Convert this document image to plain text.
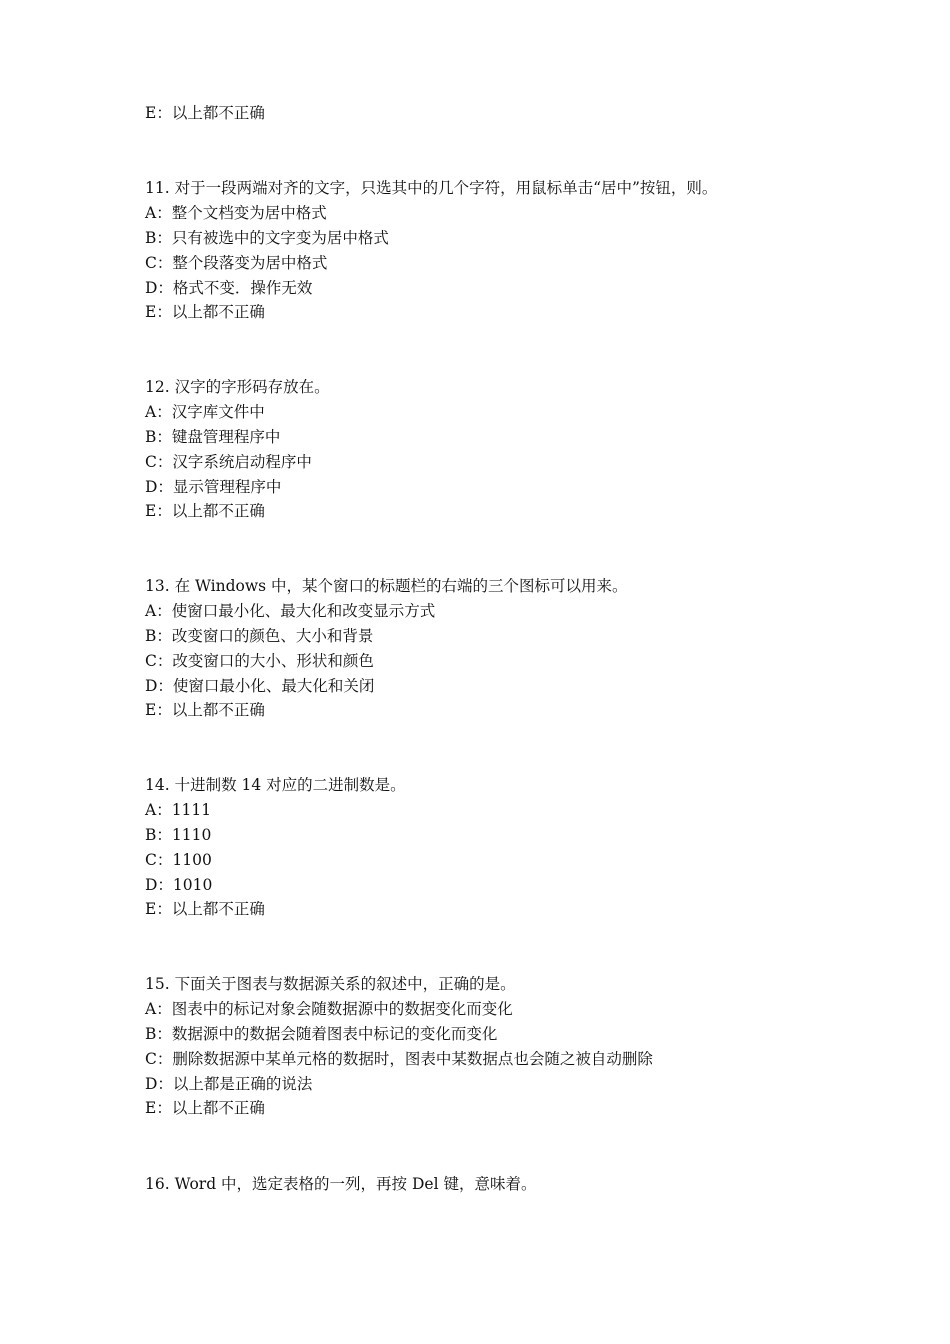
E：以上都不正确
11. 对于一段两端对齐的文字，只选其中的几个字符，用鼠标单击“居中”按钮，则。
A：整个文档变为居中格式
B：只有被选中的文字变为居中格式
C：整个段落变为居中格式
D：格式不变．操作无效
E：以上都不正确
12. 汉字的字形码存放在。
A：汉字库文件中
B：键盘管理程序中
C：汉字系统启动程序中
D：显示管理程序中
E：以上都不正确
13. 在 Windows 中，某个窗口的标题栏的右端的三个图标可以用来。
A：使窗口最小化、最大化和改变显示方式
B：改变窗口的颜色、大小和背景
C：改变窗口的大小、形状和颜色
D：使窗口最小化、最大化和关闭
E：以上都不正确
14. 十进制数 14 对应的二进制数是。
A：1111
B：1110
C：1100
D：1010
E：以上都不正确
15. 下面关于图表与数据源关系的叙述中，正确的是。
A：图表中的标记对象会随数据源中的数据变化而变化
B：数据源中的数据会随着图表中标记的变化而变化
C：删除数据源中某单元格的数据时，图表中某数据点也会随之被自动删除
D：以上都是正确的说法
E：以上都不正确
16. Word 中，选定表格的一列，再按 Del 键，意味着。
